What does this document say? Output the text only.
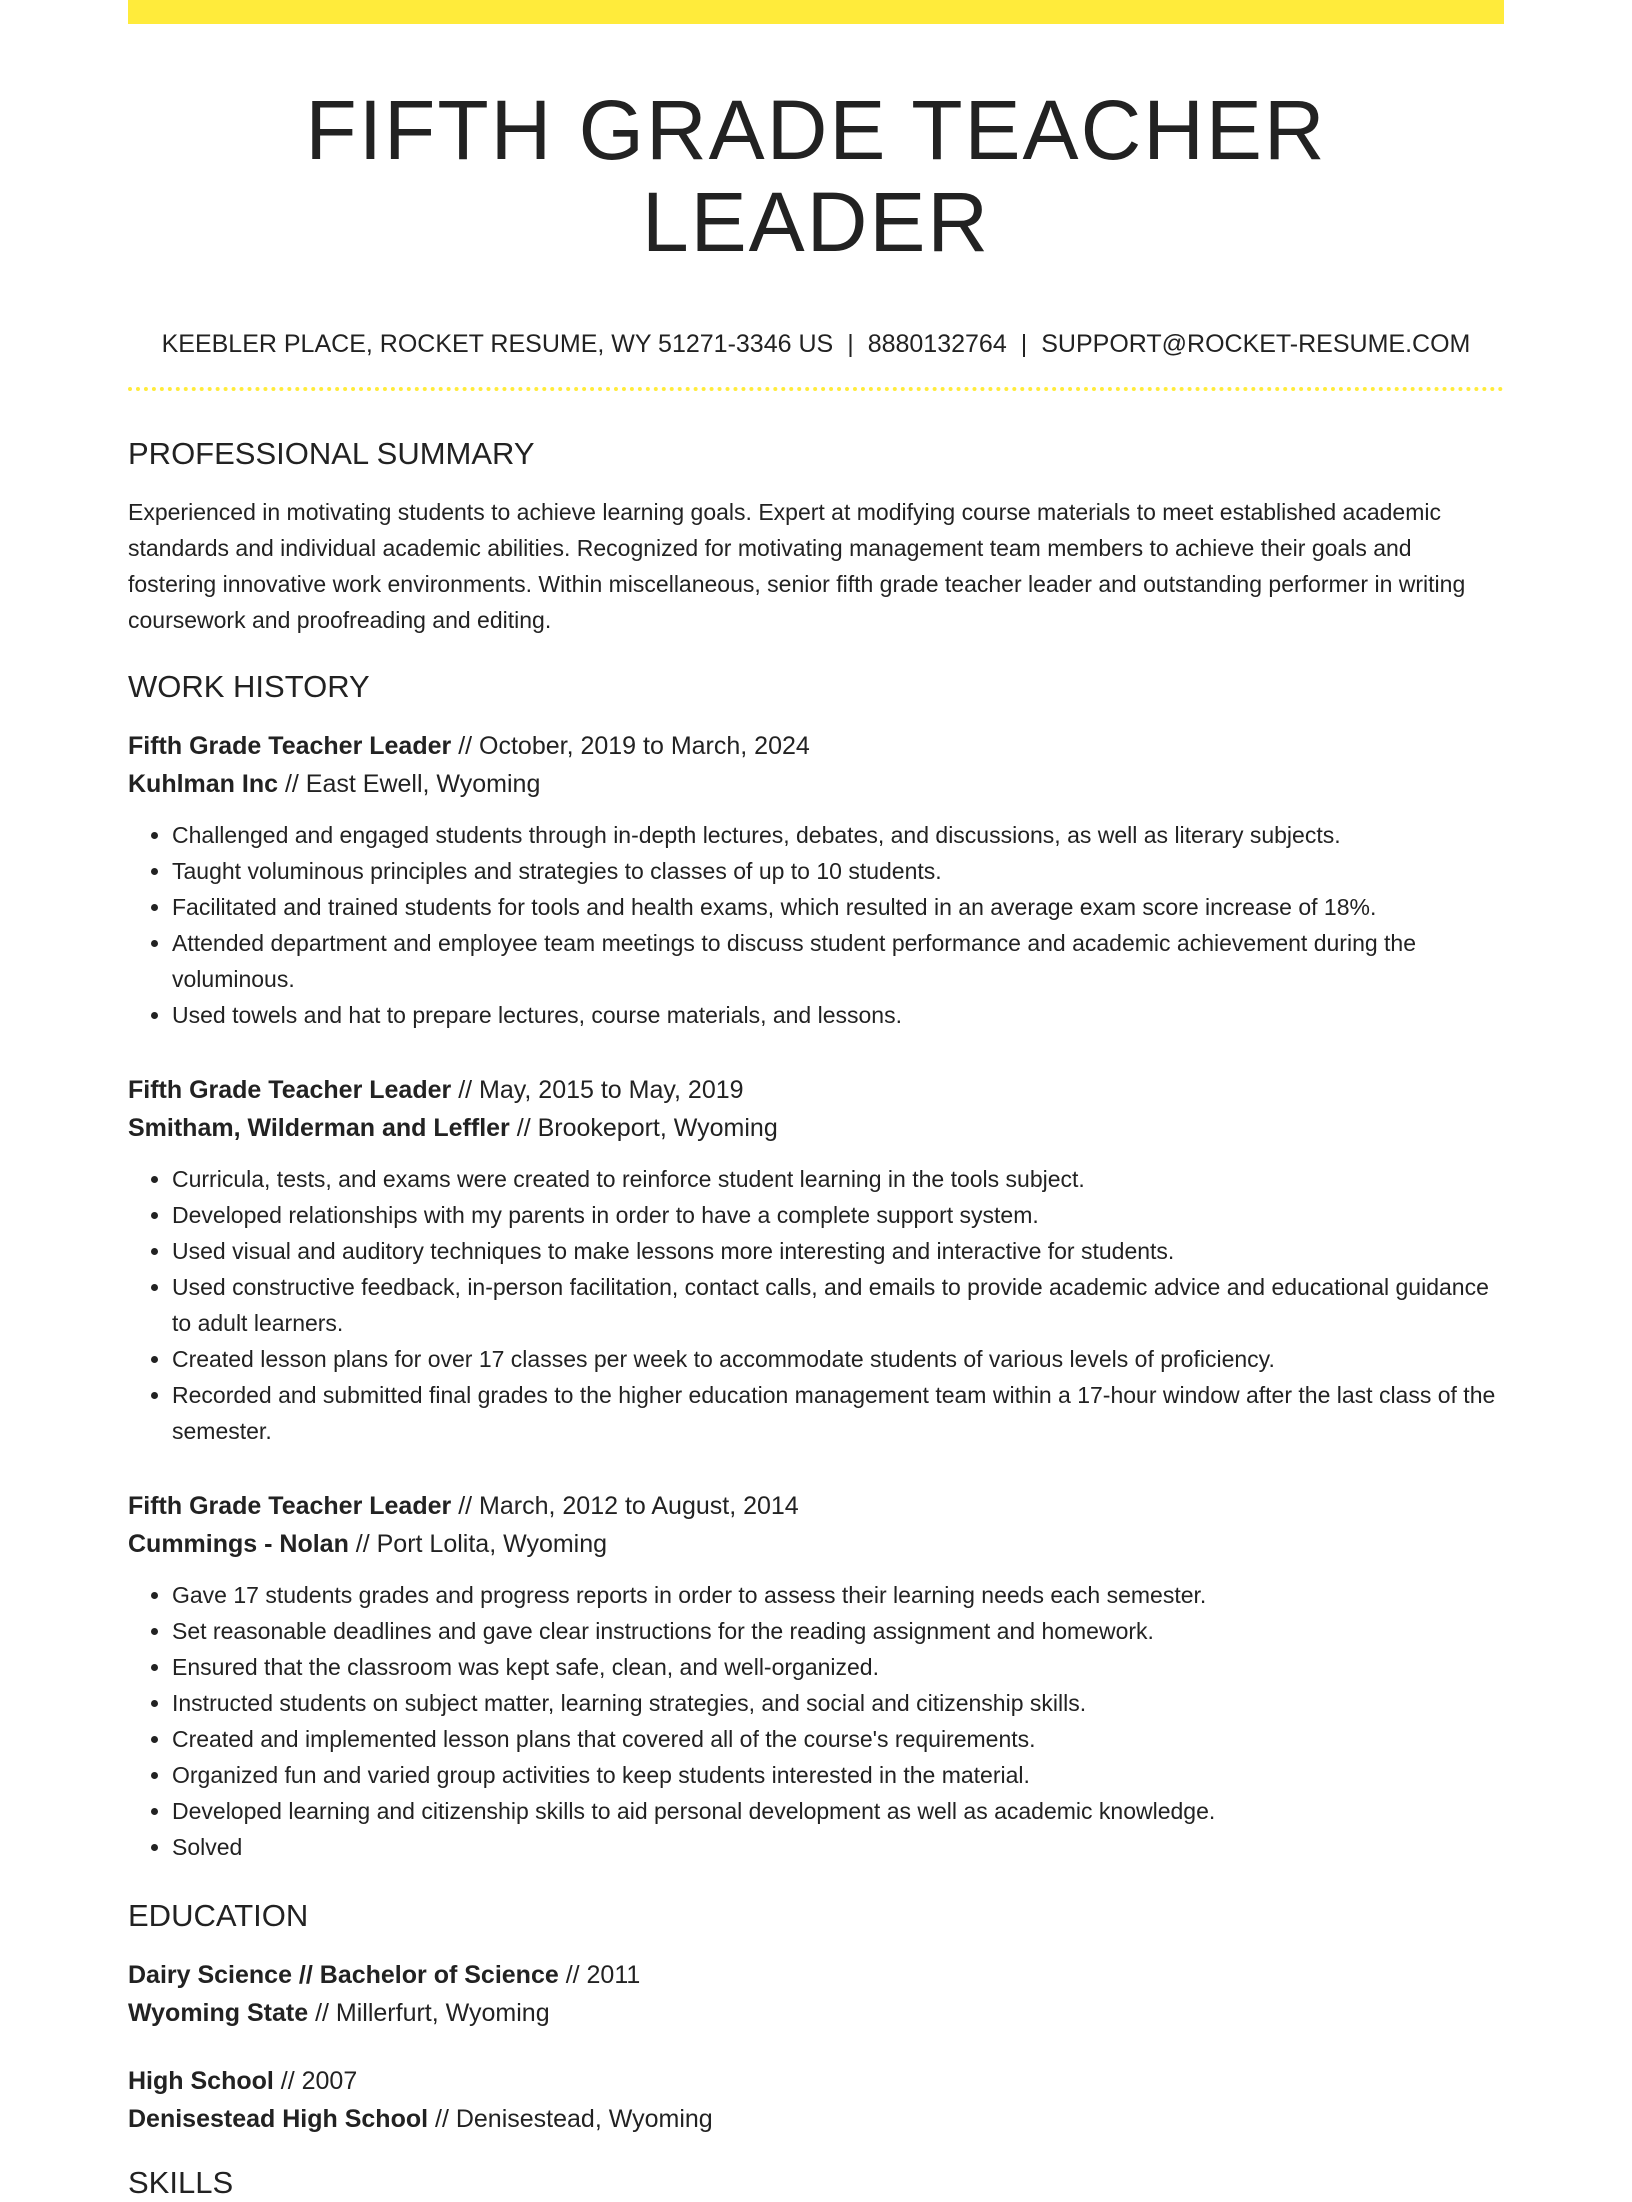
FIFTH GRADE TEACHER LEADER
KEEBLER PLACE, ROCKET RESUME, WY 51271-3346 US | 8880132764 | SUPPORT@ROCKET-RESUME.COM
PROFESSIONAL SUMMARY

Experienced in motivating students to achieve learning goals. Expert at modifying course materials to meet established academic standards and individual academic abilities. Recognized for motivating management team members to achieve their goals and fostering innovative work environments. Within miscellaneous, senior fifth grade teacher leader and outstanding performer in writing coursework and proofreading and editing.

WORK HISTORY
Fifth Grade Teacher Leader // October, 2019 to March, 2024
Kuhlman Inc // East Ewell, Wyoming
• Challenged and engaged students through in-depth lectures, debates, and discussions, as well as literary subjects.
• Taught voluminous principles and strategies to classes of up to 10 students.
• Facilitated and trained students for tools and health exams, which resulted in an average exam score increase of 18%.
• Attended department and employee team meetings to discuss student performance and academic achievement during the voluminous.
• Used towels and hat to prepare lectures, course materials, and lessons.
Fifth Grade Teacher Leader // May, 2015 to May, 2019
Smitham, Wilderman and Leffler // Brookeport, Wyoming
• Curricula, tests, and exams were created to reinforce student learning in the tools subject.
• Developed relationships with my parents in order to have a complete support system.
• Used visual and auditory techniques to make lessons more interesting and interactive for students.
• Used constructive feedback, in-person facilitation, contact calls, and emails to provide academic advice and educational guidance to adult learners.
• Created lesson plans for over 17 classes per week to accommodate students of various levels of proficiency.
• Recorded and submitted final grades to the higher education management team within a 17-hour window after the last class of the semester.
Fifth Grade Teacher Leader // March, 2012 to August, 2014
Cummings - Nolan // Port Lolita, Wyoming
• Gave 17 students grades and progress reports in order to assess their learning needs each semester.
• Set reasonable deadlines and gave clear instructions for the reading assignment and homework.
• Ensured that the classroom was kept safe, clean, and well-organized.
• Instructed students on subject matter, learning strategies, and social and citizenship skills.
• Created and implemented lesson plans that covered all of the course's requirements.
• Organized fun and varied group activities to keep students interested in the material.
• Developed learning and citizenship skills to aid personal development as well as academic knowledge.
• Solved
EDUCATION
Dairy Science // Bachelor of Science // 2011
Wyoming State // Millerfurt, Wyoming
High School // 2007
Denisestead High School // Denisestead, Wyoming
SKILLS
